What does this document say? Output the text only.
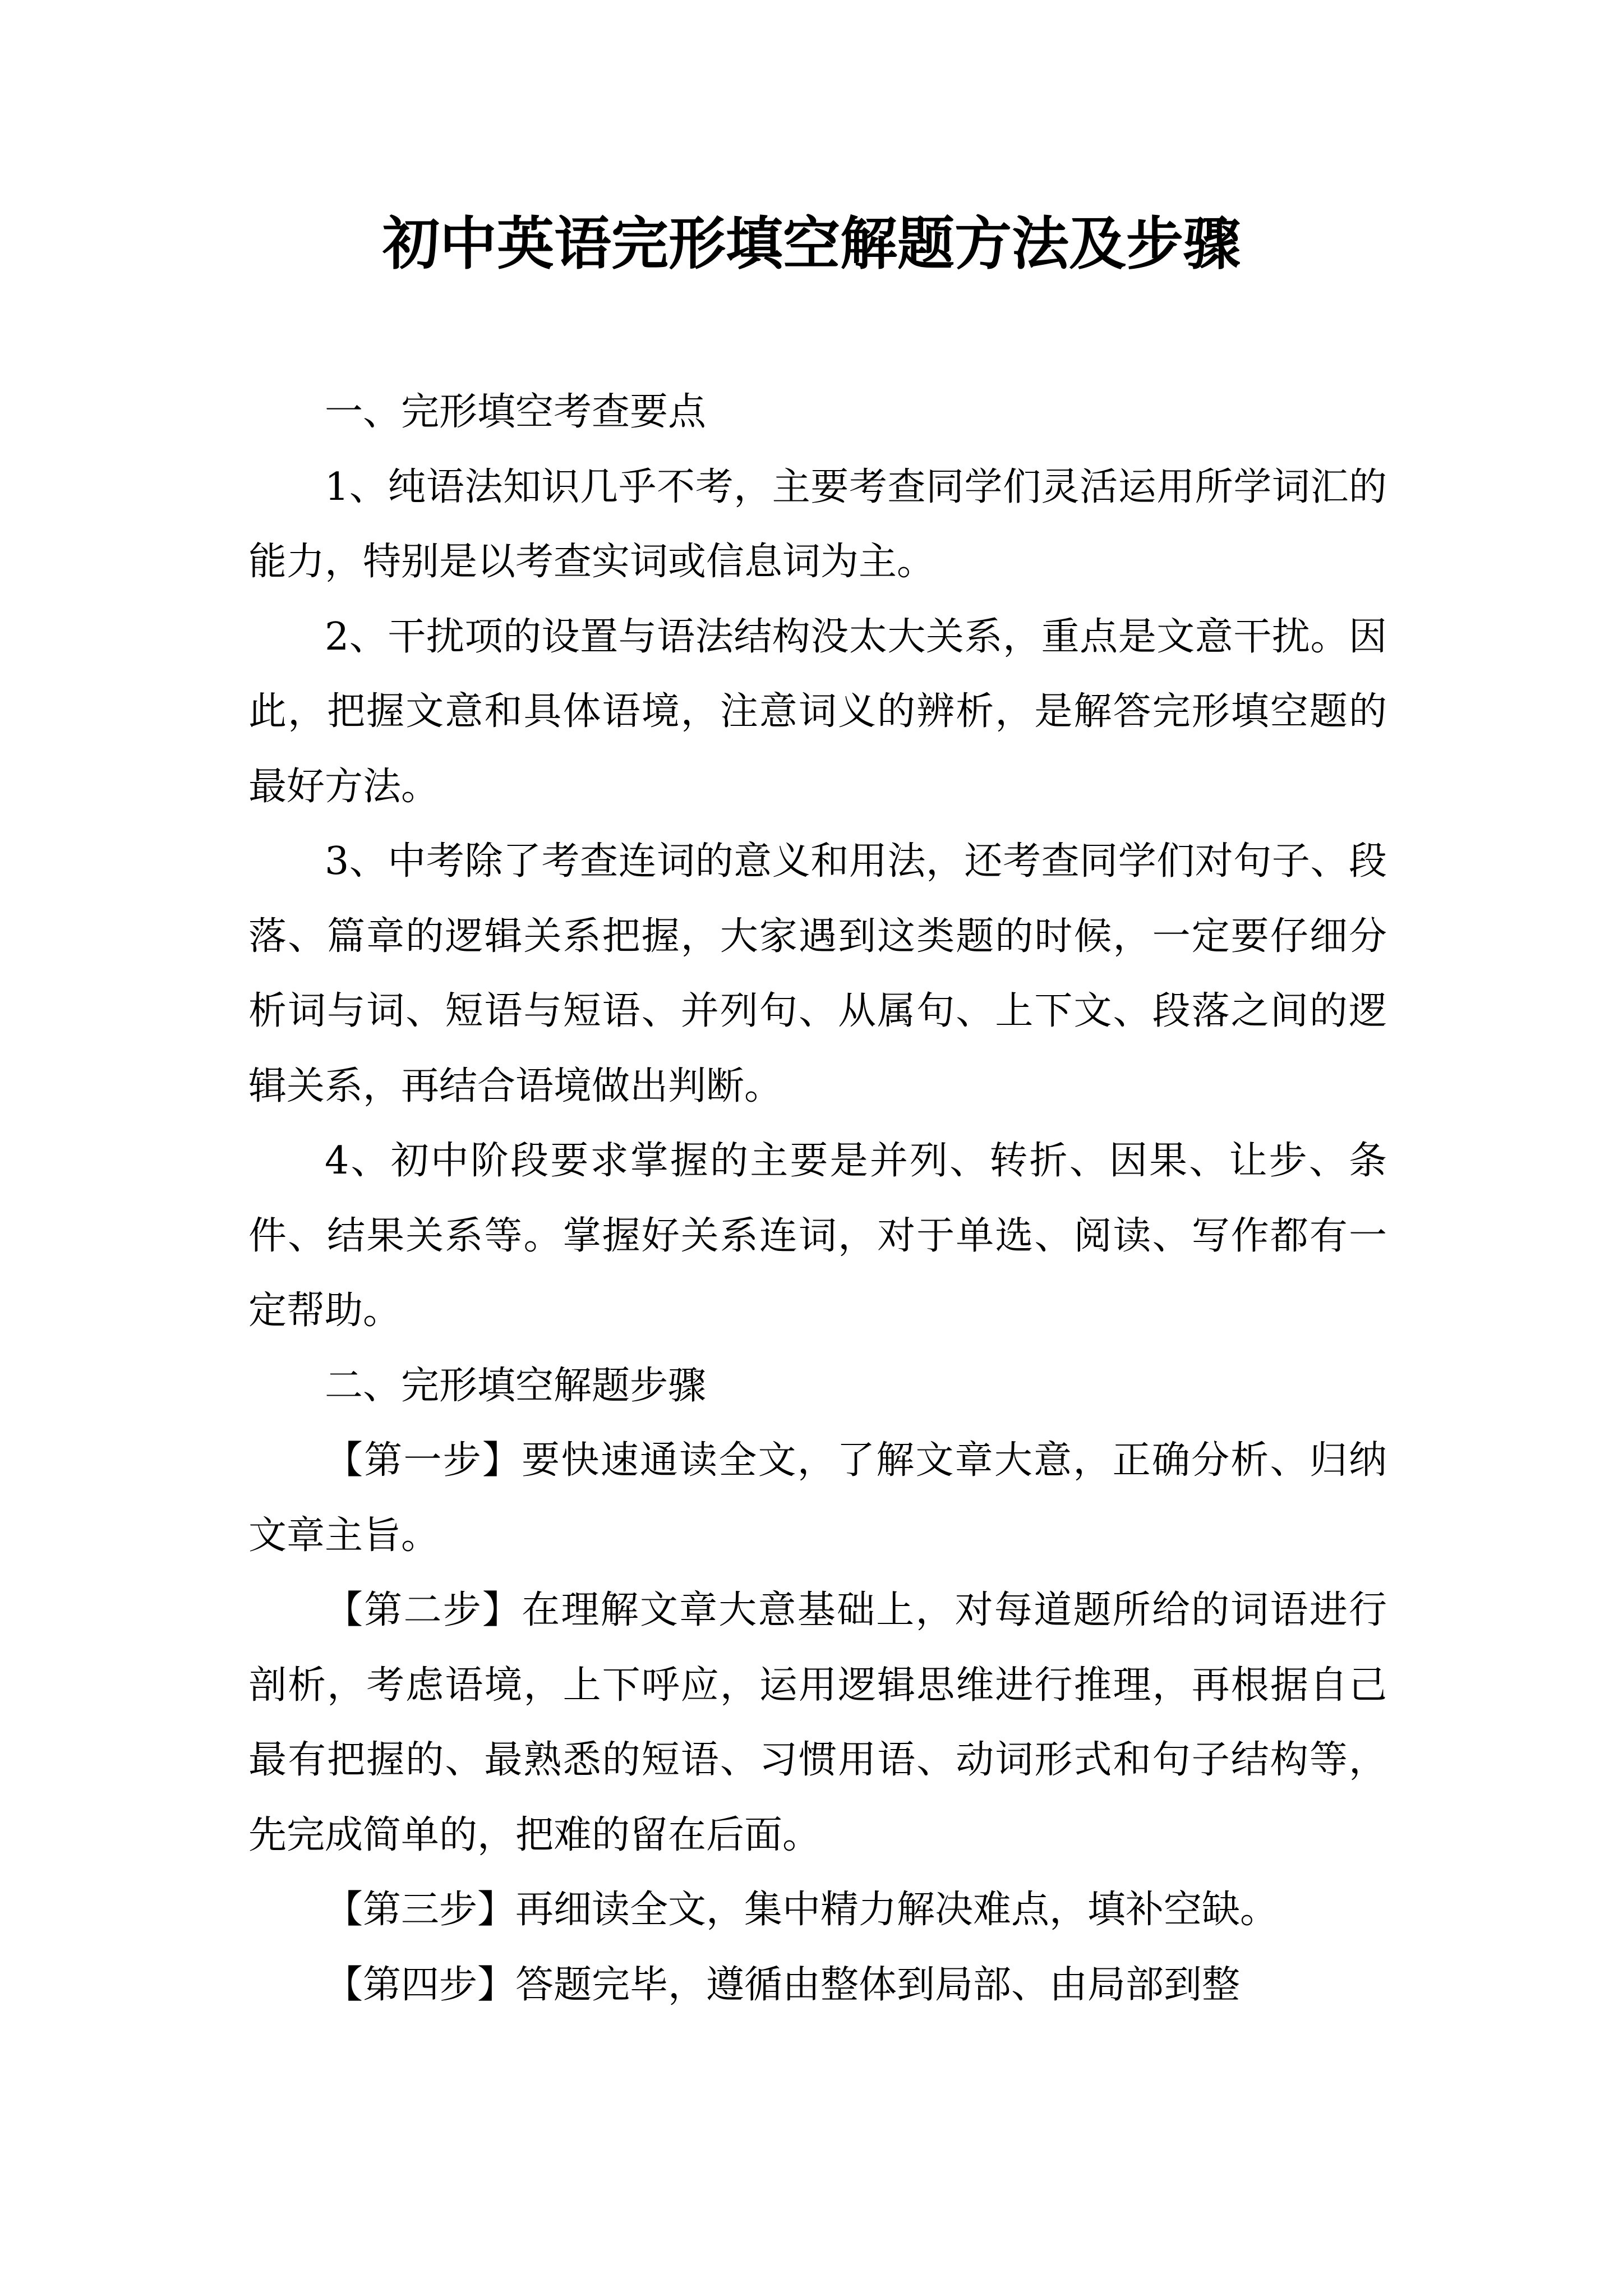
初中英语完形填空解题方法及步骤

一、完形填空考查要点

1、纯语法知识几乎不考，主要考查同学们灵活运用所学词汇的能力，特别是以考查实词或信息词为主。

2、干扰项的设置与语法结构没太大关系，重点是文意干扰。因此，把握文意和具体语境，注意词义的辨析，是解答完形填空题的最好方法。

3、中考除了考查连词的意义和用法，还考查同学们对句子、段落、篇章的逻辑关系把握，大家遇到这类题的时候，一定要仔细分析词与词、短语与短语、并列句、从属句、上下文、段落之间的逻辑关系，再结合语境做出判断。

4、初中阶段要求掌握的主要是并列、转折、因果、让步、条件、结果关系等。掌握好关系连词，对于单选、阅读、写作都有一定帮助。

二、完形填空解题步骤

【第一步】要快速通读全文，了解文章大意，正确分析、归纳文章主旨。

【第二步】在理解文章大意基础上，对每道题所给的词语进行剖析，考虑语境，上下呼应，运用逻辑思维进行推理，再根据自己最有把握的、最熟悉的短语、习惯用语、动词形式和句子结构等，先完成简单的，把难的留在后面。

【第三步】再细读全文，集中精力解决难点，填补空缺。

【第四步】答题完毕，遵循由整体到局部、由局部到整
